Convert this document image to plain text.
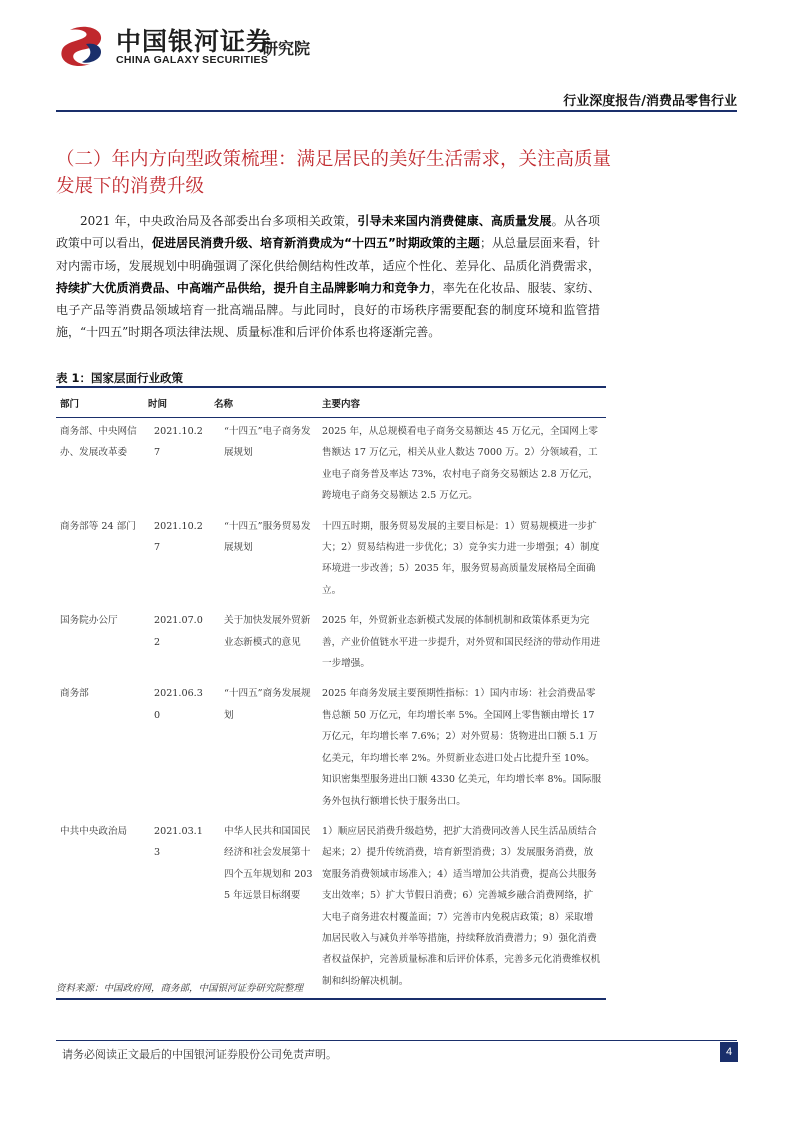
中国银河证券
CHINA GALAXY SECURITIES
研究院
行业深度报告/消费品零售行业
（二）年内方向型政策梳理：满足居民的美好生活需求，关注高质量发展下的消费升级

  2021 年，中央政治局及各部委出台多项相关政策，引导未来国内消费健康、高质量发展。从各项政策中可以看出，促进居民消费升级、培育新消费成为“十四五”时期政策的主题；从总量层面来看，针对内需市场，发展规划中明确强调了深化供给侧结构性改革，适应个性化、差异化、品质化消费需求，持续扩大优质消费品、中高端产品供给，提升自主品牌影响力和竞争力，率先在化妆品、服装、家纺、电子产品等消费品领域培育一批高端品牌。与此同时，良好的市场秩序需要配套的制度环境和监管措施，“十四五”时期各项法律法规、质量标准和后评价体系也将逐渐完善。

表 1：国家层面行业政策
部门	时间	名称	主要内容
商务部、中央网信办、发展改革委	2021.10.27	“十四五”电子商务发展规划	2025 年，从总规模看电子商务交易额达 45 万亿元，全国网上零售额达 17 万亿元，相关从业人数达 7000 万。2）分领域看，工业电子商务普及率达 73%，农村电子商务交易额达 2.8 万亿元，跨境电子商务交易额达 2.5 万亿元。
商务部等 24 部门	2021.10.27	“十四五”服务贸易发展规划	十四五时期，服务贸易发展的主要目标是：1）贸易规模进一步扩大；2）贸易结构进一步优化；3）竞争实力进一步增强；4）制度环境进一步改善；5）2035 年，服务贸易高质量发展格局全面确立。
国务院办公厅	2021.07.02	关于加快发展外贸新业态新模式的意见	2025 年，外贸新业态新模式发展的体制机制和政策体系更为完善，产业价值链水平进一步提升，对外贸和国民经济的带动作用进一步增强。
商务部	2021.06.30	“十四五”商务发展规划	2025 年商务发展主要预期性指标：1）国内市场：社会消费品零售总额 50 万亿元，年均增长率 5%。全国网上零售额由增长 17 万亿元，年均增长率 7.6%；2）对外贸易：货物进出口额 5.1 万亿美元，年均增长率 2%。外贸新业态进口处占比提升至 10%。知识密集型服务进出口额 4330 亿美元，年均增长率 8%。国际服务外包执行额增长快于服务出口。
中共中央政治局	2021.03.13	中华人民共和国国民经济和社会发展第十四个五年规划和 2035 年远景目标纲要	1）顺应居民消费升级趋势，把扩大消费同改善人民生活品质结合起来；2）提升传统消费，培育新型消费；3）发展服务消费，放宽服务消费领域市场准入；4）适当增加公共消费，提高公共服务支出效率；5）扩大节假日消费；6）完善城乡融合消费网络，扩大电子商务进农村覆盖面；7）完善市内免税店政策；8）采取增加居民收入与减负并举等措施，持续释放消费潜力；9）强化消费者权益保护，完善质量标准和后评价体系，完善多元化消费维权机制和纠纷解决机制。
资料来源：中国政府网，商务部，中国银河证券研究院整理
请务必阅读正文最后的中国银河证券股份公司免责声明。	4
